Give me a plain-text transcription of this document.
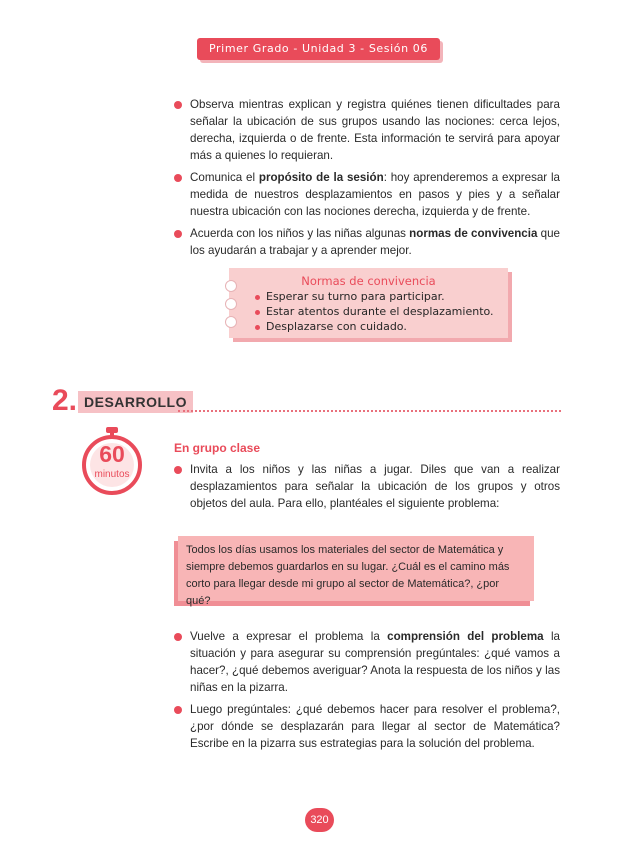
Primer Grado - Unidad 3 - Sesión 06
Observa mientras explican y registra quiénes tienen dificultades para señalar la ubicación de sus grupos usando las nociones: cerca lejos, derecha, izquierda o de frente. Esta información te servirá para apoyar más a quienes lo requieran.
Comunica el propósito de la sesión: hoy aprenderemos a expresar la medida de nuestros desplazamientos en pasos y pies y a señalar nuestra ubicación con las nociones derecha, izquierda y de frente.
Acuerda con los niños y las niñas algunas normas de convivencia que los ayudarán a trabajar y a aprender mejor.
Normas de convivencia
Esperar su turno para participar.
Estar atentos durante el desplazamiento.
Desplazarse con cuidado.
2. DESARROLLO
60
minutos
En grupo clase
Invita a los niños y las niñas a jugar. Diles que van a realizar desplazamientos para señalar la ubicación de los grupos y otros objetos del aula. Para ello, plantéales el siguiente problema:
Todos los días usamos los materiales del sector de Matemática y siempre debemos guardarlos en su lugar. ¿Cuál es el camino más corto para llegar desde mi grupo al sector de Matemática?, ¿por qué?
Vuelve a expresar el problema la comprensión del problema la situación y para asegurar su comprensión pregúntales: ¿qué vamos a hacer?, ¿qué debemos averiguar? Anota la respuesta de los niños y las niñas en la pizarra.
Luego pregúntales: ¿qué debemos hacer para resolver el problema?, ¿por dónde se desplazarán para llegar al sector de Matemática? Escribe en la pizarra sus estrategias para la solución del problema.
320
